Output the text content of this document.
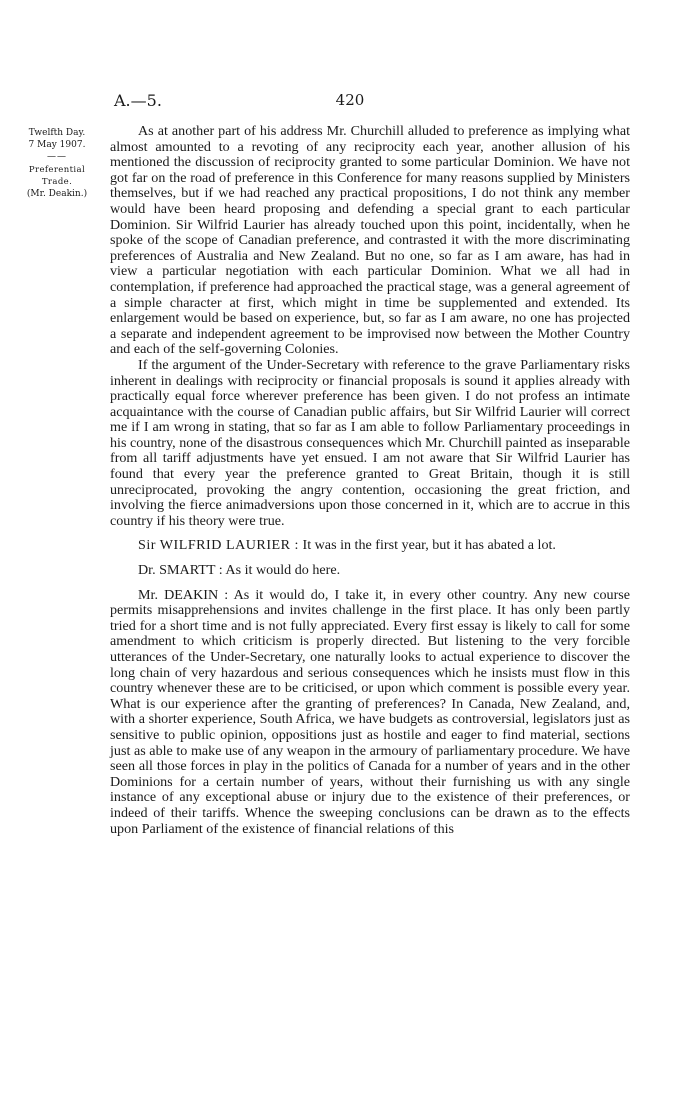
A.—5.	420
Twelfth Day.
7 May 1907.
——
Preferential
Trade.
(Mr. Deakin.)

As at another part of his address Mr. Churchill alluded to preference as implying what almost amounted to a revoting of any reciprocity each year, another allusion of his mentioned the discussion of reciprocity granted to some particular Dominion. We have not got far on the road of preference in this Conference for many reasons supplied by Ministers themselves, but if we had reached any practical propositions, I do not think any member would have been heard proposing and defending a special grant to each particular Dominion. Sir Wilfrid Laurier has already touched upon this point, incidentally, when he spoke of the scope of Canadian preference, and contrasted it with the more discriminating preferences of Australia and New Zealand. But no one, so far as I am aware, has had in view a particular negotiation with each particular Dominion. What we all had in contemplation, if preference had approached the practical stage, was a general agreement of a simple character at first, which might in time be supplemented and extended. Its enlargement would be based on experience, but, so far as I am aware, no one has projected a separate and independent agreement to be improvised now between the Mother Country and each of the self-governing Colonies.

If the argument of the Under-Secretary with reference to the grave Parliamentary risks inherent in dealings with reciprocity or financial proposals is sound it applies already with practically equal force wherever preference has been given. I do not profess an intimate acquaintance with the course of Canadian public affairs, but Sir Wilfrid Laurier will correct me if I am wrong in stating, that so far as I am able to follow Parliamentary proceedings in his country, none of the disastrous consequences which Mr. Churchill painted as inseparable from all tariff adjustments have yet ensued. I am not aware that Sir Wilfrid Laurier has found that every year the preference granted to Great Britain, though it is still unreciprocated, provoking the angry contention, occasioning the great friction, and involving the fierce animadversions upon those concerned in it, which are to accrue in this country if his theory were true.

Sir WILFRID LAURIER : It was in the first year, but it has abated a lot.

Dr. SMARTT : As it would do here.

Mr. DEAKIN : As it would do, I take it, in every other country. Any new course permits misapprehensions and invites challenge in the first place. It has only been partly tried for a short time and is not fully appreciated. Every first essay is likely to call for some amendment to which criticism is properly directed. But listening to the very forcible utterances of the Under-Secretary, one naturally looks to actual experience to discover the long chain of very hazardous and serious consequences which he insists must flow in this country whenever these are to be criticised, or upon which comment is possible every year. What is our experience after the granting of preferences? In Canada, New Zealand, and, with a shorter experience, South Africa, we have budgets as controversial, legislators just as sensitive to public opinion, oppositions just as hostile and eager to find material, sections just as able to make use of any weapon in the armoury of parliamentary procedure. We have seen all those forces in play in the politics of Canada for a number of years and in the other Dominions for a certain number of years, without their furnishing us with any single instance of any exceptional abuse or injury due to the existence of their preferences, or indeed of their tariffs. Whence the sweeping conclusions can be drawn as to the effects upon Parliament of the existence of financial relations of this
